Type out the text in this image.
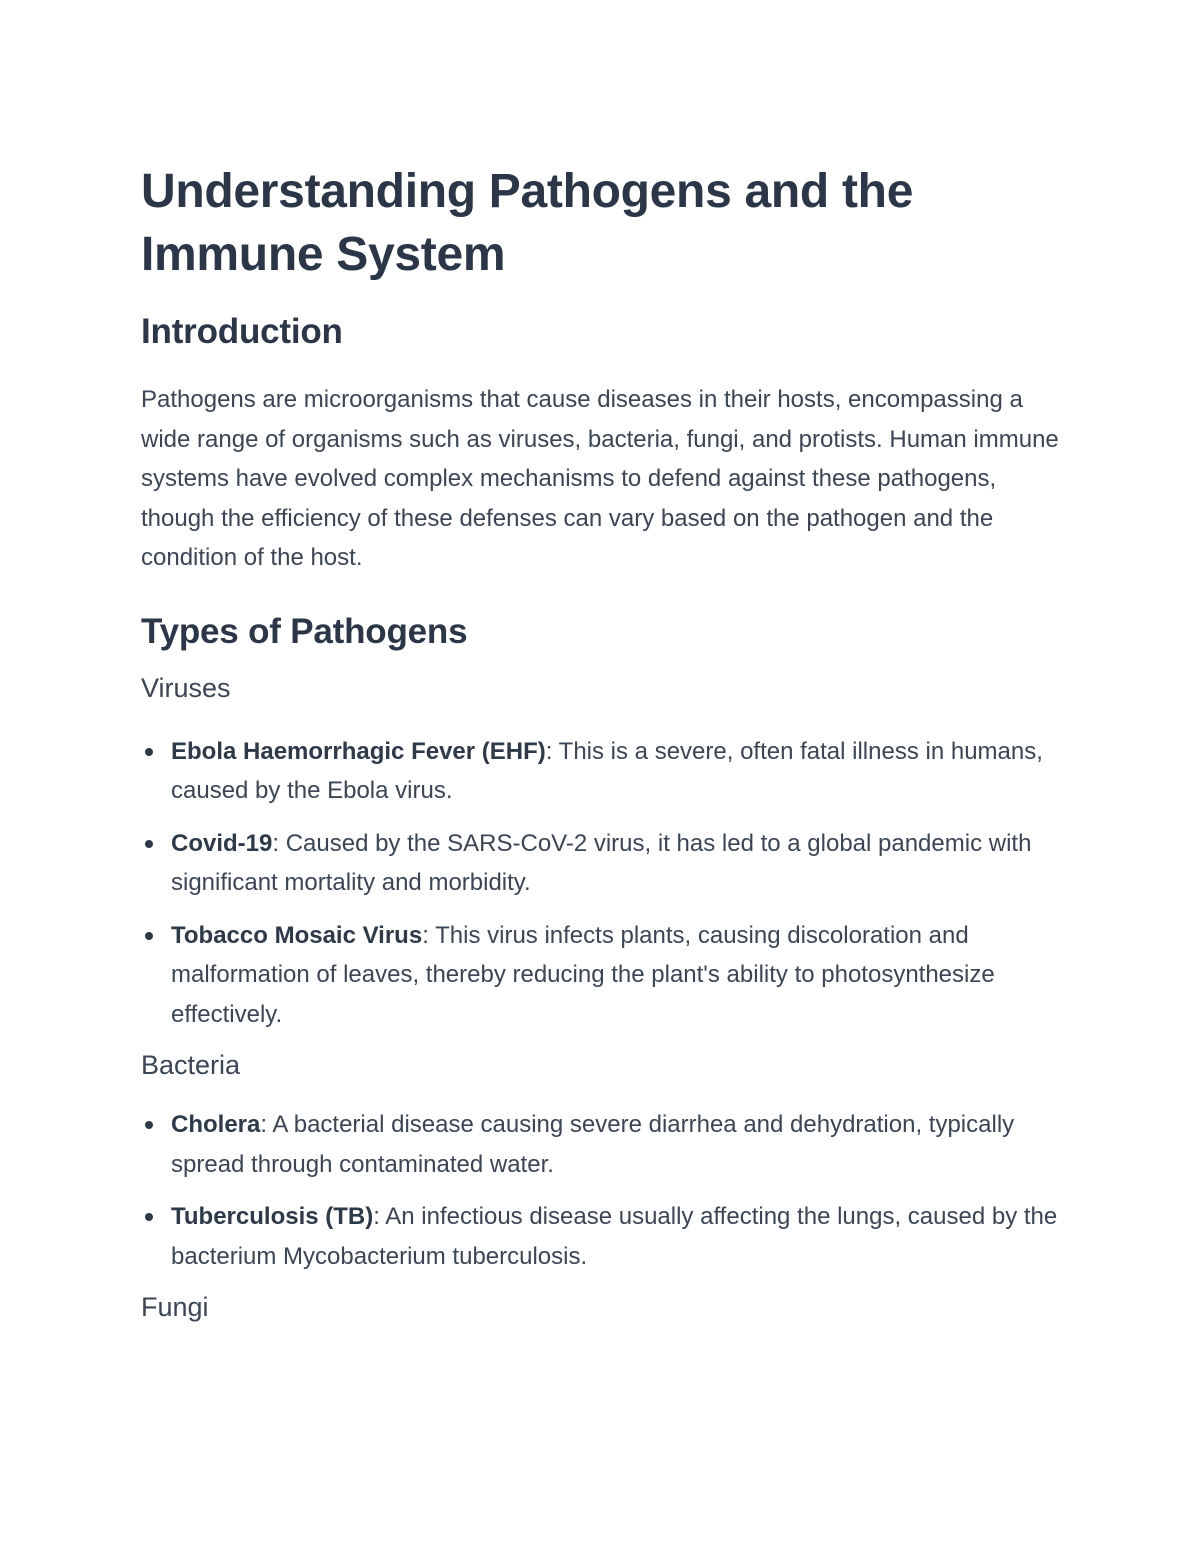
Understanding Pathogens and the Immune System
Introduction

Pathogens are microorganisms that cause diseases in their hosts, encompassing a wide range of organisms such as viruses, bacteria, fungi, and protists. Human immune systems have evolved complex mechanisms to defend against these pathogens, though the efficiency of these defenses can vary based on the pathogen and the condition of the host.

Types of Pathogens
Viruses
Ebola Haemorrhagic Fever (EHF): This is a severe, often fatal illness in humans, caused by the Ebola virus.
Covid-19: Caused by the SARS-CoV-2 virus, it has led to a global pandemic with significant mortality and morbidity.
Tobacco Mosaic Virus: This virus infects plants, causing discoloration and malformation of leaves, thereby reducing the plant's ability to photosynthesize effectively.
Bacteria
Cholera: A bacterial disease causing severe diarrhea and dehydration, typically spread through contaminated water.
Tuberculosis (TB): An infectious disease usually affecting the lungs, caused by the bacterium Mycobacterium tuberculosis.
Fungi
